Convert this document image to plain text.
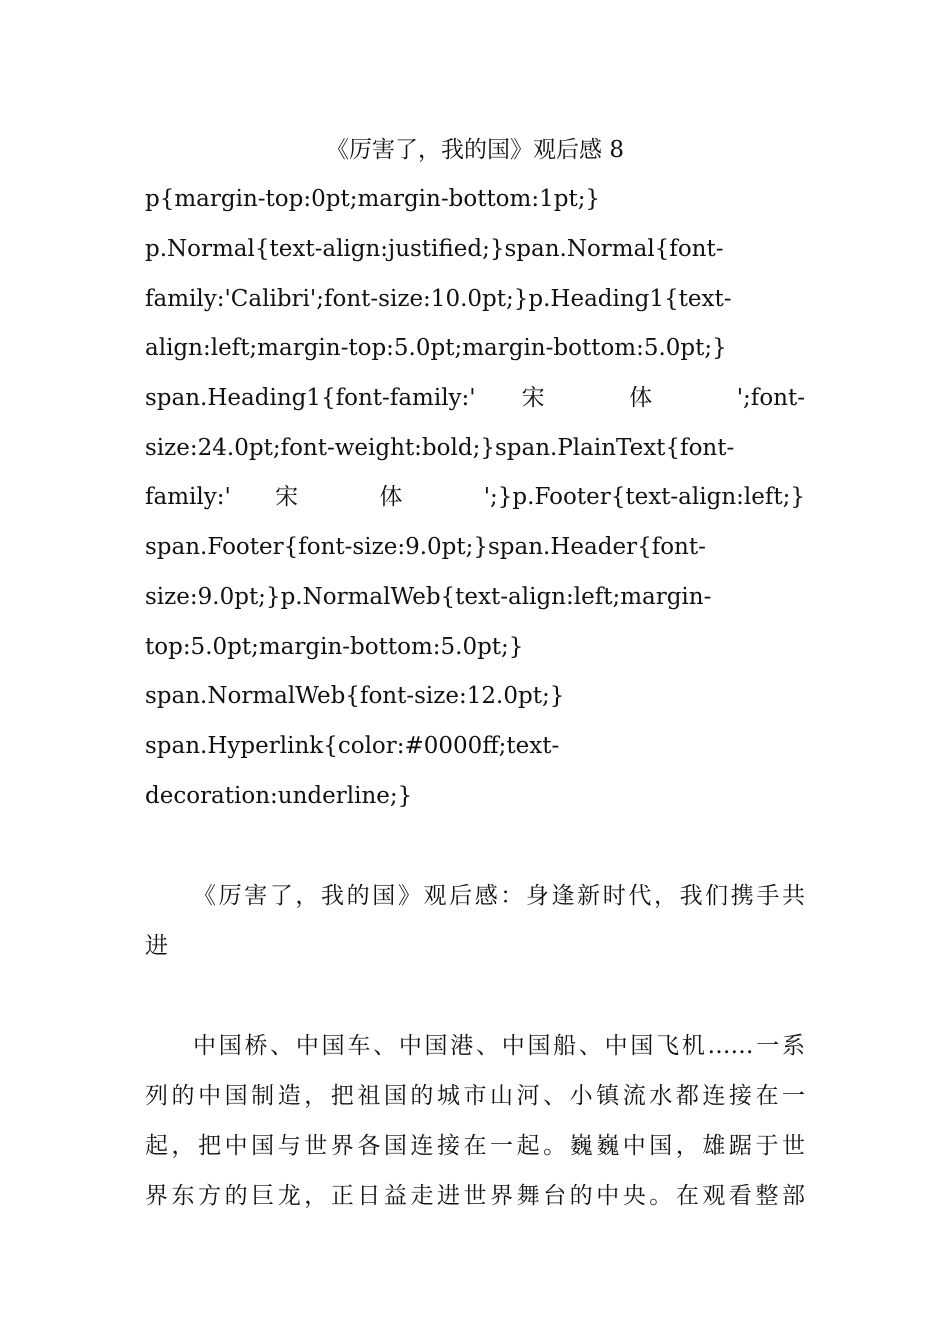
《厉害了，我的国》观后感 8
p{margin-top:0pt;margin-bottom:1pt;}
p.Normal{text-align:justified;}span.Normal{font-
family:'Calibri';font-size:10.0pt;}p.Heading1{text-
align:left;margin-top:5.0pt;margin-bottom:5.0pt;}
span.Heading1{font-family:' 宋 体 ';font-
size:24.0pt;font-weight:bold;}span.PlainText{font-
family:' 宋 体 ';}p.Footer{text-align:left;}
span.Footer{font-size:9.0pt;}span.Header{font-
size:9.0pt;}p.NormalWeb{text-align:left;margin-
top:5.0pt;margin-bottom:5.0pt;}
span.NormalWeb{font-size:12.0pt;}
span.Hyperlink{color:#0000ff;text-
decoration:underline;}
《厉害了，我的国》观后感：身逢新时代，我们携手共
进
中国桥、中国车、中国港、中国船、中国飞机……一系
列的中国制造，把祖国的城市山河、小镇流水都连接在一
起，把中国与世界各国连接在一起。巍巍中国，雄踞于世
界东方的巨龙，正日益走进世界舞台的中央。在观看整部
